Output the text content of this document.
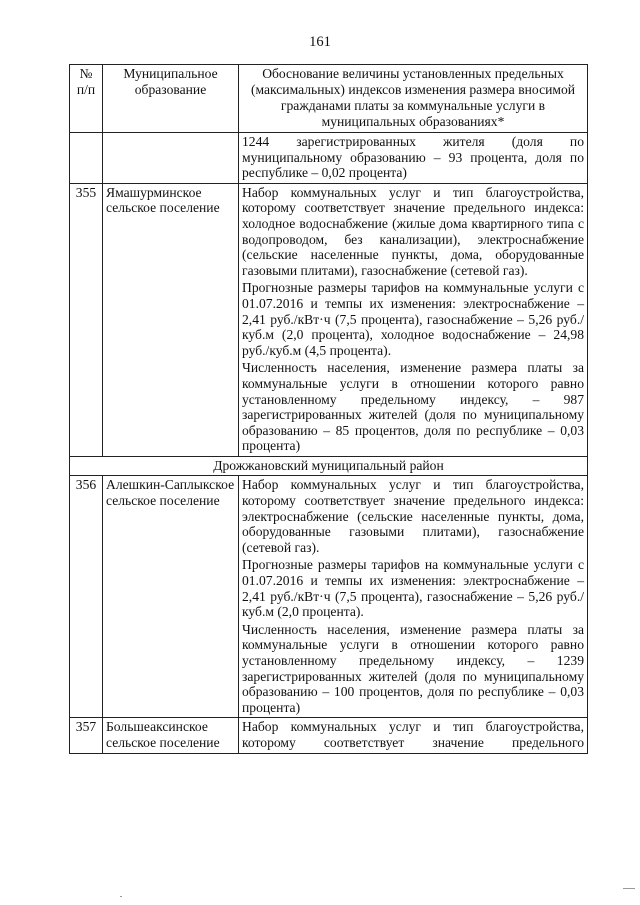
161
№ п/п	Муниципальное образование	Обоснование величины установленных предельных (максимальных) индексов изменения размера вносимой гражданами платы за коммунальные услуги в муниципальных образованиях*

		1244 зарегистрированных жителя (доля по муниципальному образованию – 93 процента, доля по республике – 0,02 процента)

355	Ямашурминское сельское поселение	Набор коммунальных услуг и тип благоустройства, которому соответствует значение предельного индекса: холодное водоснабжение (жилые дома квартирного типа с водопроводом, без канализации), электроснабжение (сельские населенные пункты, дома, оборудованные газовыми плитами), газоснабжение (сетевой газ).

Прогнозные размеры тарифов на коммунальные услуги с 01.07.2016 и темпы их изменения: электроснабжение – 2,41 руб./кВт·ч (7,5 процента), газоснабжение – 5,26 руб./куб.м (2,0 процента), холодное водоснабжение – 24,98 руб./куб.м (4,5 процента).

Численность населения, изменение размера платы за коммунальные услуги в отношении которого равно установленному предельному индексу, – 987 зарегистрированных жителей (доля по муниципальному образованию – 85 процентов, доля по республике – 0,03 процента)

Дрожжановский муниципальный район		
356	Алешкин-Саплыкское сельское поселение	Набор коммунальных услуг и тип благоустройства, которому соответствует значение предельного индекса: электроснабжение (сельские населенные пункты, дома, оборудованные газовыми плитами), газоснабжение (сетевой газ).

Прогнозные размеры тарифов на коммунальные услуги с 01.07.2016 и темпы их изменения: электроснабжение – 2,41 руб./кВт·ч (7,5 процента), газоснабжение – 5,26 руб./куб.м (2,0 процента).

Численность населения, изменение размера платы за коммунальные услуги в отношении которого равно установленному предельному индексу, – 1239 зарегистрированных жителей (доля по муниципальному образованию – 100 процентов, доля по республике – 0,03 процента)

357	Большеаксинское сельское поселение	Набор коммунальных услуг и тип благоустройства, которому соответствует значение предельного
